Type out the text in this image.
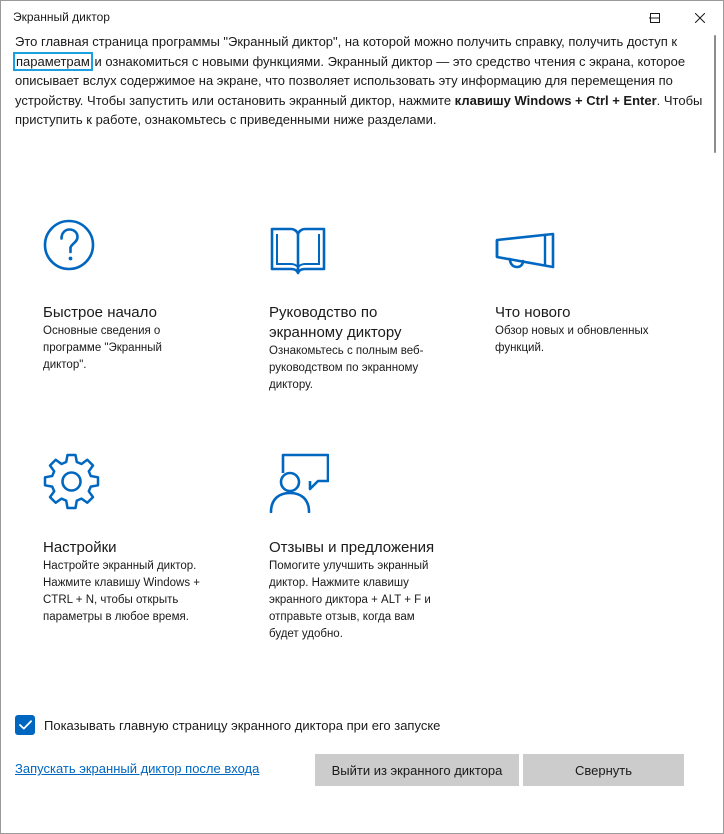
Экранный диктор
Это главная страница программы "Экранный диктор", на которой можно получить справку, получить доступ к параметрам и ознакомиться с новыми функциями. Экранный диктор — это средство чтения с экрана, которое описывает вслух содержимое на экране, что позволяет использовать эту информацию для перемещения по устройству. Чтобы запустить или остановить экранный диктор, нажмите клавишу Windows + Ctrl + Enter. Чтобы приступить к работе, ознакомьтесь с приведенными ниже разделами.
Быстрое начало
Основные сведения о программе "Экранный диктор".
Руководство по экранному диктору
Ознакомьтесь с полным веб-руководством по экранному диктору.
Что нового
Обзор новых и обновленных функций.
Настройки
Настройте экранный диктор. Нажмите клавишу Windows + CTRL + N, чтобы открыть параметры в любое время.
Отзывы и предложения
Помогите улучшить экранный диктор. Нажмите клавишу экранного диктора + ALT + F и отправьте отзыв, когда вам будет удобно.
Показывать главную страницу экранного диктора при его запуске
Запускать экранный диктор после входа	Выйти из экранного диктора	Свернуть
